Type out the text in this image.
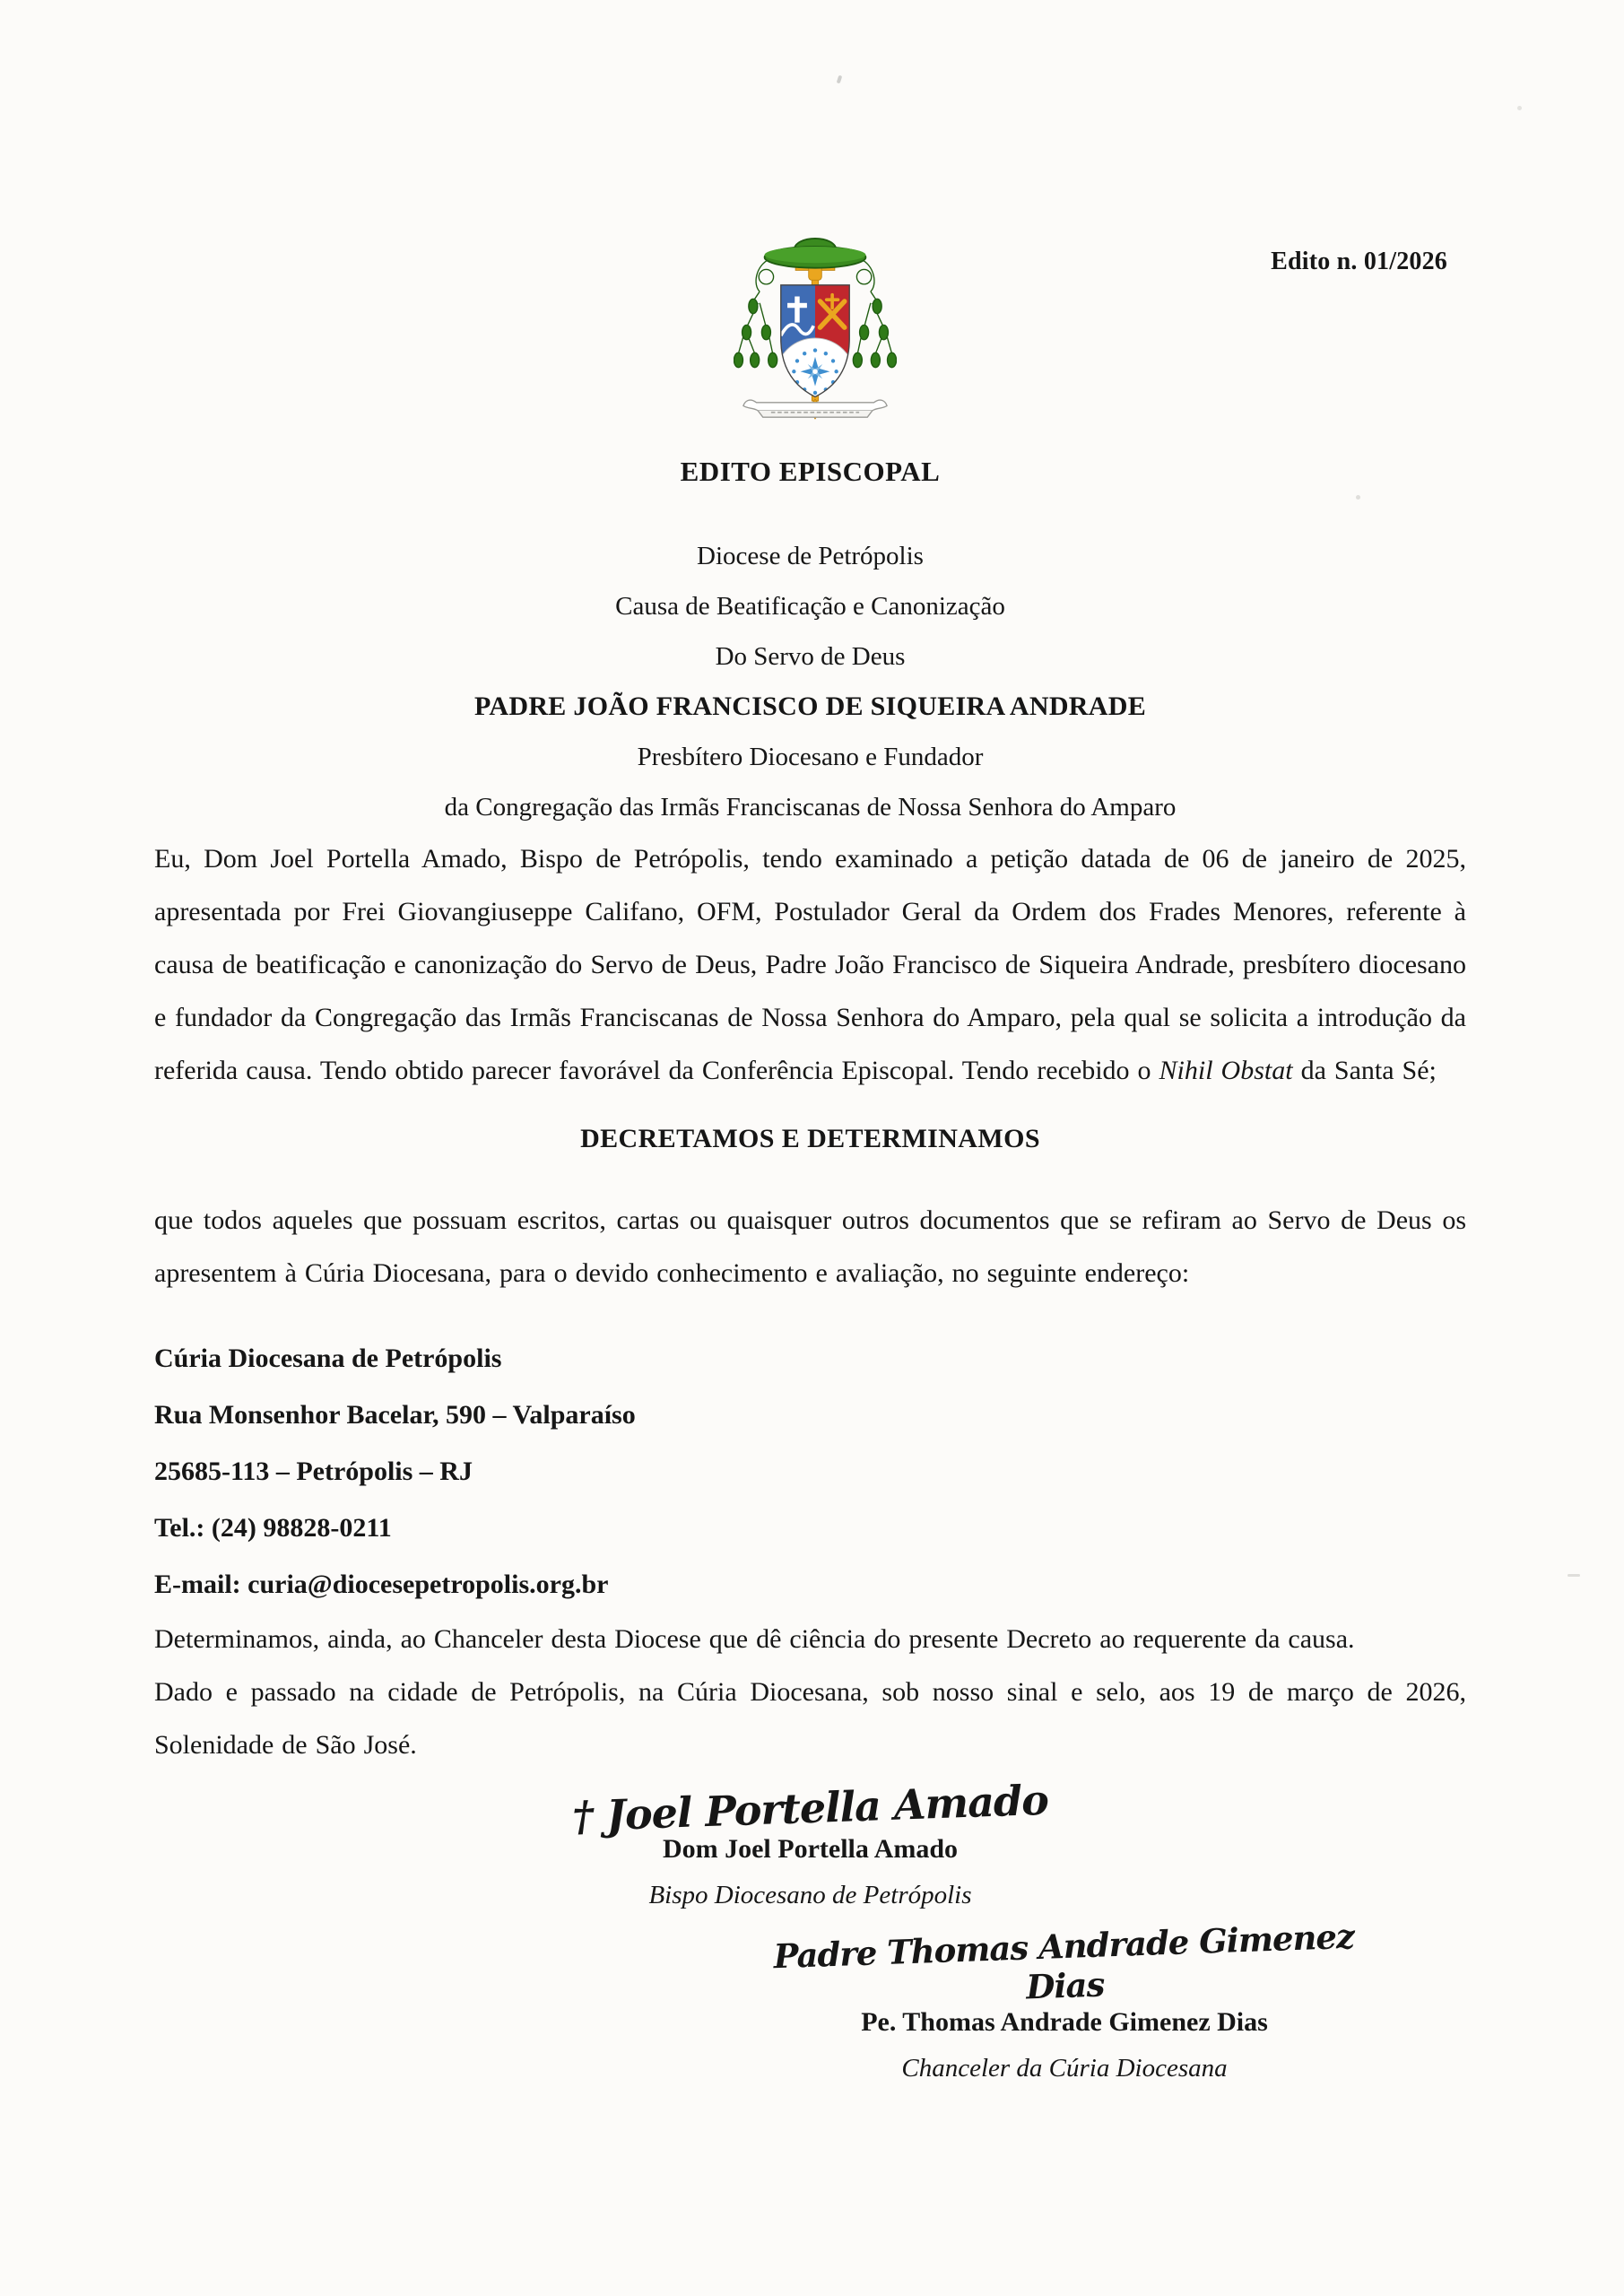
Edito n. 01/2026
EDITO EPISCOPAL
Diocese de Petrópolis
Causa de Beatificação e Canonização
Do Servo de Deus
PADRE JOÃO FRANCISCO DE SIQUEIRA ANDRADE
Presbítero Diocesano e Fundador
da Congregação das Irmãs Franciscanas de Nossa Senhora do Amparo

Eu, Dom Joel Portella Amado, Bispo de Petrópolis, tendo examinado a petição datada de 06 de janeiro de 2025, apresentada por Frei Giovangiuseppe Califano, OFM, Postulador Geral da Ordem dos Frades Menores, referente à causa de beatificação e canonização do Servo de Deus, Padre João Francisco de Siqueira Andrade, presbítero diocesano e fundador da Congregação das Irmãs Franciscanas de Nossa Senhora do Amparo, pela qual se solicita a introdução da referida causa. Tendo obtido parecer favorável da Conferência Episcopal. Tendo recebido o Nihil Obstat da Santa Sé;

DECRETAMOS E DETERMINAMOS

que todos aqueles que possuam escritos, cartas ou quaisquer outros documentos que se refiram ao Servo de Deus os apresentem à Cúria Diocesana, para o devido conhecimento e avaliação, no seguinte endereço:

Cúria Diocesana de Petrópolis
Rua Monsenhor Bacelar, 590 – Valparaíso
25685-113 – Petrópolis – RJ
Tel.: (24) 98828-0211
E-mail: curia@diocesepetropolis.org.br

Determinamos, ainda, ao Chanceler desta Diocese que dê ciência do presente Decreto ao requerente da causa.

Dado e passado na cidade de Petrópolis, na Cúria Diocesana, sob nosso sinal e selo, aos 19 de março de 2026, Solenidade de São José.

† Joel Portella Amado
Dom Joel Portella Amado
Bispo Diocesano de Petrópolis
Padre Thomas Andrade Gimenez Dias
Pe. Thomas Andrade Gimenez Dias
Chanceler da Cúria Diocesana
